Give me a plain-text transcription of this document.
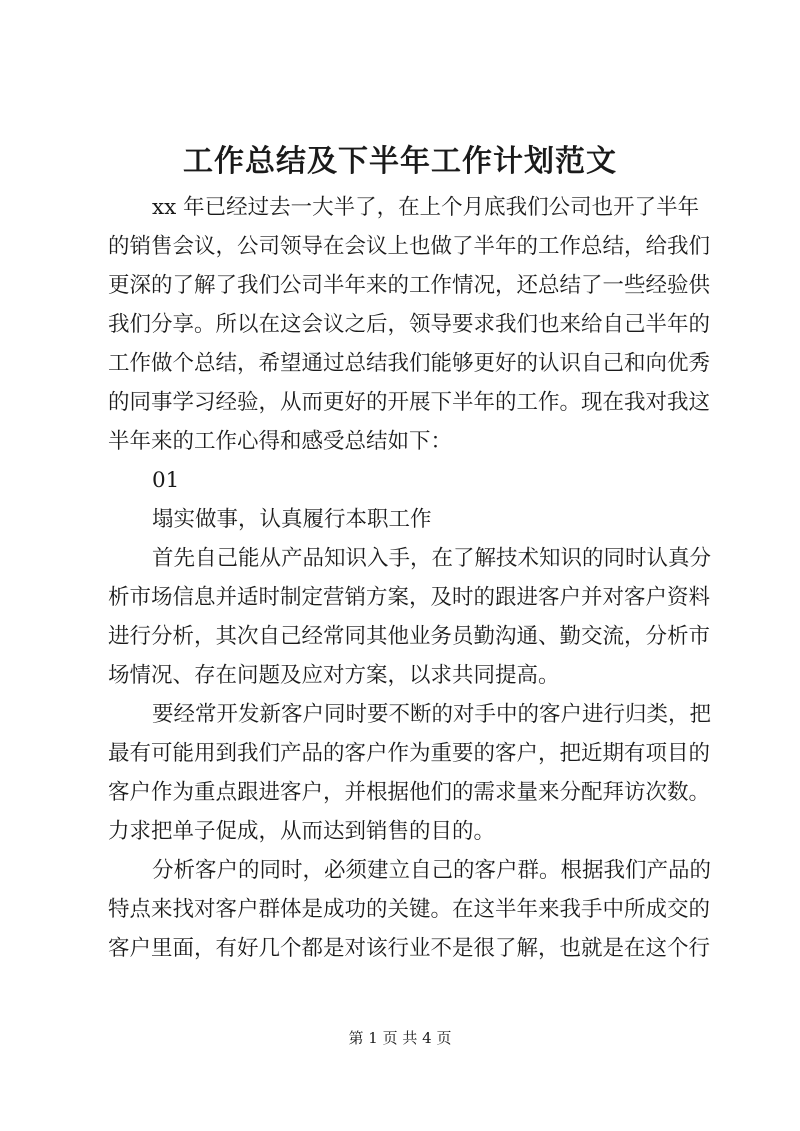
工作总结及下半年工作计划范文
xx 年已经过去一大半了，在上个月底我们公司也开了半年
的销售会议，公司领导在会议上也做了半年的工作总结，给我们
更深的了解了我们公司半年来的工作情况，还总结了一些经验供
我们分享。所以在这会议之后，领导要求我们也来给自己半年的
工作做个总结，希望通过总结我们能够更好的认识自己和向优秀
的同事学习经验，从而更好的开展下半年的工作。现在我对我这
半年来的工作心得和感受总结如下：
01
塌实做事，认真履行本职工作
首先自己能从产品知识入手，在了解技术知识的同时认真分
析市场信息并适时制定营销方案，及时的跟进客户并对客户资料
进行分析，其次自己经常同其他业务员勤沟通、勤交流，分析市
场情况、存在问题及应对方案，以求共同提高。
要经常开发新客户同时要不断的对手中的客户进行归类，把
最有可能用到我们产品的客户作为重要的客户，把近期有项目的
客户作为重点跟进客户，并根据他们的需求量来分配拜访次数。
力求把单子促成，从而达到销售的目的。
分析客户的同时，必须建立自己的客户群。根据我们产品的
特点来找对客户群体是成功的关键。在这半年来我手中所成交的
客户里面，有好几个都是对该行业不是很了解，也就是在这个行
第 1 页 共 4 页
